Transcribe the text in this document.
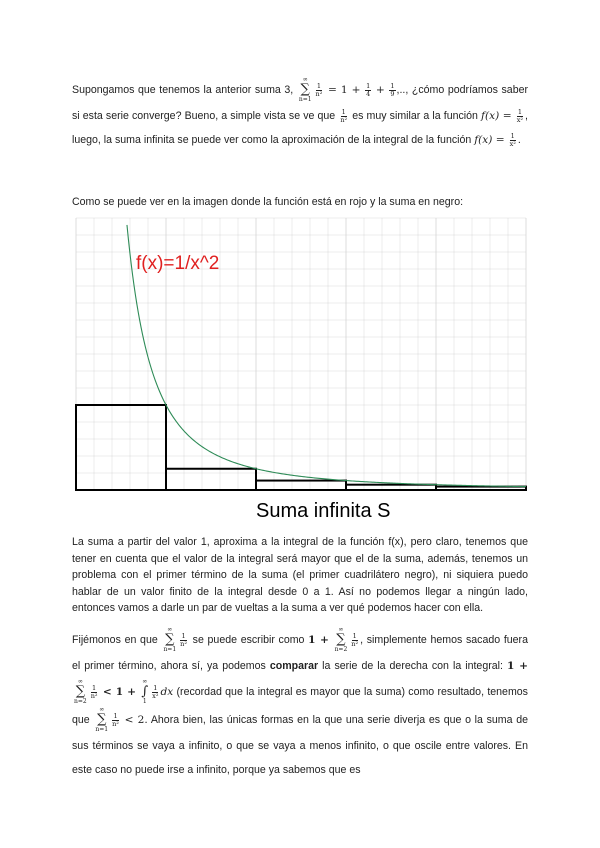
Supongamos que tenemos la anterior suma 3,
∞
∑
n=1
$\frac{1}{\text{n²}} = 1 + \frac{1}{4} + \frac{1}{9}$ ,.., ¿cómo podríamos saber si esta serie converge? Bueno, a simple vista se ve que $\frac{1}{\text{n²}}$ es muy similar a la función $f(x) = \frac{1}{\text{x²}}$ , luego, la suma infinita se puede ver como la aproximación de la integral de la función $f(x) = \frac{1}{\text{x²}}$ .

Como se puede ver en la imagen donde la función está en rojo y la suma en negro:

f(x)=1/x^2
Suma infinita S

La suma a partir del valor 1, aproxima a la integral de la función f(x), pero claro, tenemos que tener en cuenta que el valor de la integral será mayor que el de la suma, además, tenemos un problema con el primer término de la suma (el primer cuadrilátero negro), ni siquiera puedo hablar de un valor finito de la integral desde 0 a 1. Así no podemos llegar a ningún lado, entonces vamos a darle un par de vueltas a la suma a ver qué podemos hacer con ella.

Fijémonos en que
∞
∑
n=1
$\frac{1}{\text{n²}}$ se puede escribir como 1 +
∞
∑
n=2
$\frac{1}{\text{n²}}$ , simplemente hemos sacado fuera el primer término, ahora sí, ya podemos comparar la serie de la derecha con la integral: 1 +
∞
∑
n=2
$\frac{1}{\text{n²}} < 1$ +
∞
∫
1
$\frac{1}{\text{x²}}$ dx (recordad que la integral es mayor que la suma) como resultado, tenemos que
∞
∑
n=1
$\frac{1}{\text{n²}} < 2$. Ahora bien, las únicas formas en la que una serie diverja es que o la suma de sus términos se vaya a infinito, o que se vaya a menos infinito, o que oscile entre valores. En este caso no puede irse a infinito, porque ya sabemos que es
